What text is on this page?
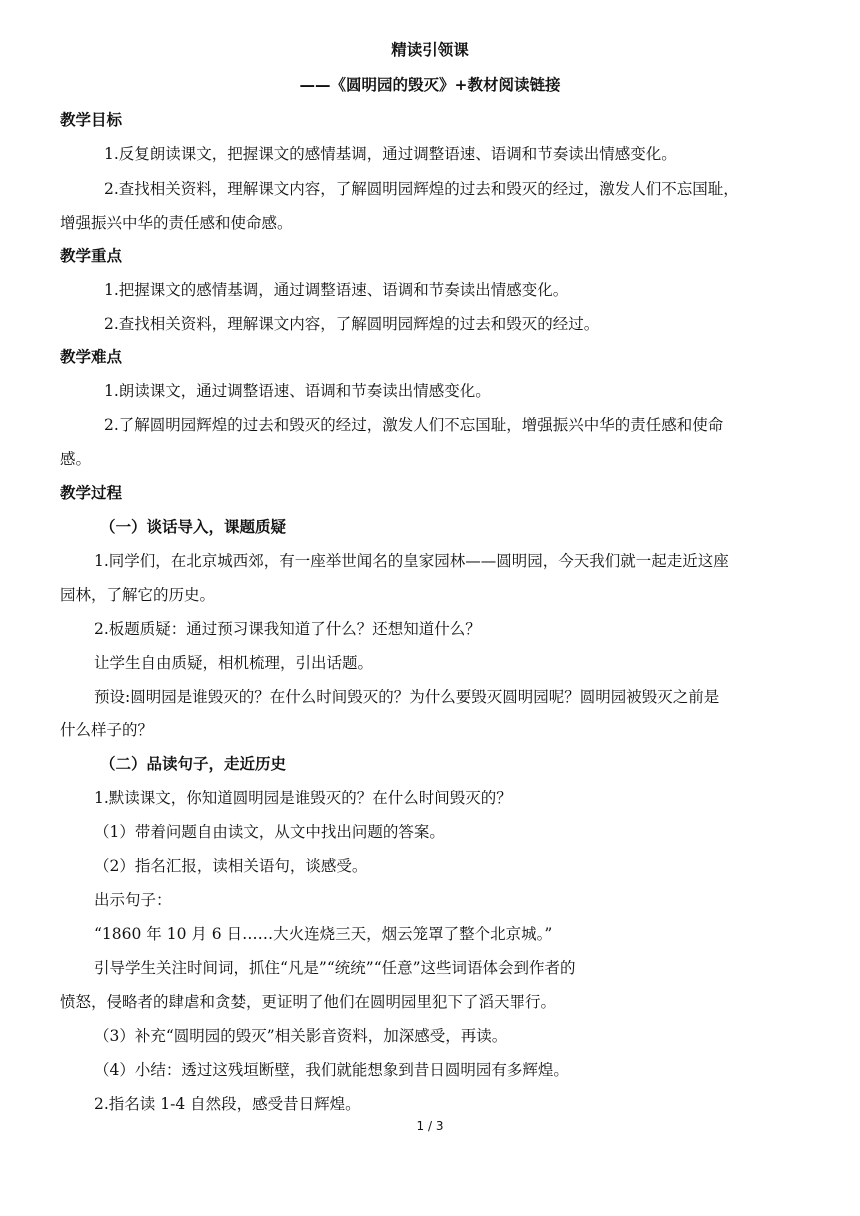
精读引领课
——《圆明园的毁灭》+教材阅读链接
教学目标
1.反复朗读课文，把握课文的感情基调，通过调整语速、语调和节奏读出情感变化。
2.查找相关资料，理解课文内容，了解圆明园辉煌的过去和毁灭的经过，激发人们不忘国耻，
增强振兴中华的责任感和使命感。
教学重点
1.把握课文的感情基调，通过调整语速、语调和节奏读出情感变化。
2.查找相关资料，理解课文内容，了解圆明园辉煌的过去和毁灭的经过。
教学难点
1.朗读课文，通过调整语速、语调和节奏读出情感变化。
2.了解圆明园辉煌的过去和毁灭的经过，激发人们不忘国耻，增强振兴中华的责任感和使命
感。
教学过程
（一）谈话导入，课题质疑
1.同学们，在北京城西郊，有一座举世闻名的皇家园林——圆明园，今天我们就一起走近这座
园林，了解它的历史。
2.板题质疑：通过预习课我知道了什么？还想知道什么？
让学生自由质疑，相机梳理，引出话题。
预设:圆明园是谁毁灭的？在什么时间毁灭的？为什么要毁灭圆明园呢？圆明园被毁灭之前是
什么样子的？
（二）品读句子，走近历史
1.默读课文，你知道圆明园是谁毁灭的？在什么时间毁灭的？
（1）带着问题自由读文，从文中找出问题的答案。
（2）指名汇报，读相关语句，谈感受。
出示句子：
“1860 年 10 月 6 日……大火连烧三天，烟云笼罩了整个北京城。”
引导学生关注时间词，抓住“凡是”“统统”“任意”这些词语体会到作者的
愤怒，侵略者的肆虐和贪婪，更证明了他们在圆明园里犯下了滔天罪行。
（3）补充“圆明园的毁灭”相关影音资料，加深感受，再读。
（4）小结：透过这残垣断壁，我们就能想象到昔日圆明园有多辉煌。
2.指名读 1-4 自然段，感受昔日辉煌。
1 / 3
